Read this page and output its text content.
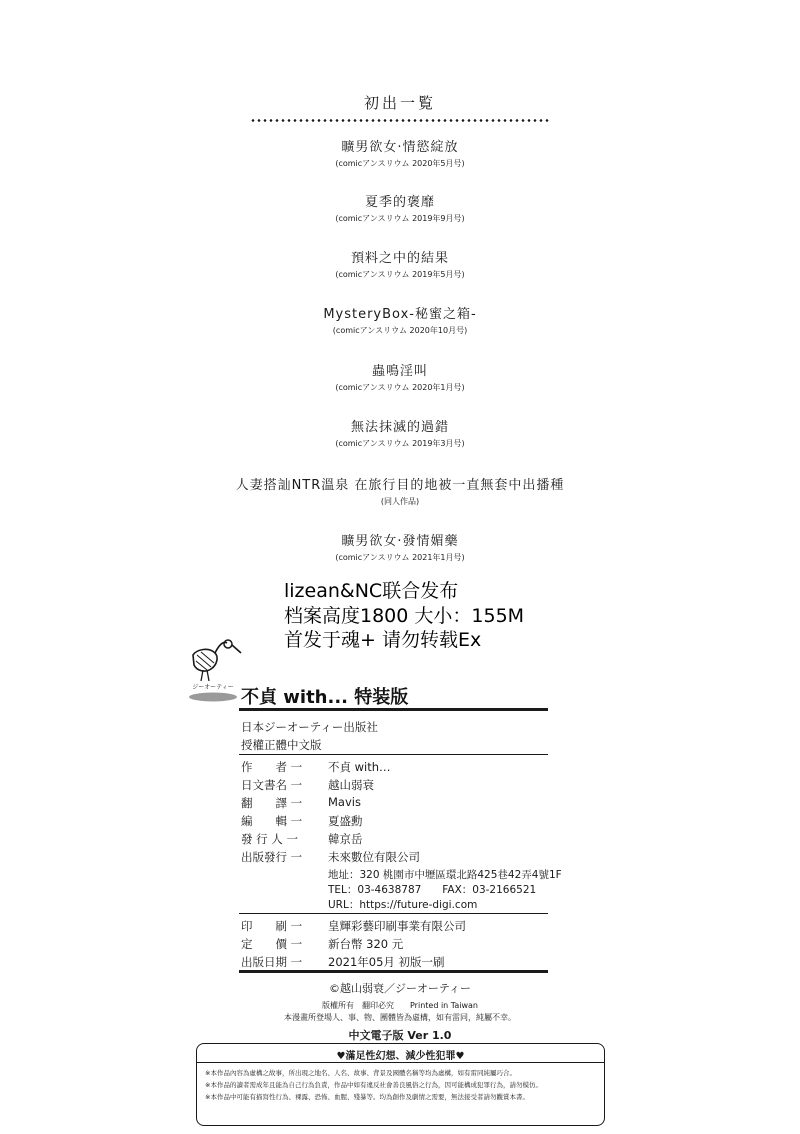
初出一覧
曠男欲女·情慾綻放
(comicアンスリウム 2020年5月号)
夏季的褒靡
(comicアンスリウム 2019年9月号)
預料之中的結果
(comicアンスリウム 2019年5月号)
MysteryBox-秘蜜之箱-
(comicアンスリウム 2020年10月号)
蟲鳴淫叫
(comicアンスリウム 2020年1月号)
無法抹滅的過錯
(comicアンスリウム 2019年3月号)
人妻搭訕NTR溫泉 在旅行目的地被一直無套中出播種
(同人作品)
曠男欲女·發情媚藥
(comicアンスリウム 2021年1月号)
lizean&NC联合发布
档案高度1800 大小：155M
首发于魂+ 请勿转载Ex
ジーオーティー 不貞 with... 特装版
日本ジーオーティー出版社
授權正體中文版
作　　者 一	不貞 with…
日文書名 一	越山弱衰
翻　　譯 一	Mavis
編　　輯 一	夏盛勳
發 行 人 一	韓京岳
出版發行 一	未來數位有限公司
地址：320 桃園市中壢區環北路425巷42弄4號1F
TEL：03-4638787　　FAX：03-2166521
URL：https://future-digi.com
印　　刷 一	皇輝彩藝印刷事業有限公司
定　　價 一	新台幣 320 元
出版日期 一	2021年05月 初版一刷
©越山弱衰／ジーオーティー
版權所有　翻印必究　　Printed in Taiwan
本漫畫所登場人、事、物、團體皆為虛構，如有雷同，純屬不幸。
中文電子版 Ver 1.0
♥滿足性幻想、減少性犯罪♥
※本作品內容為虛構之故事，所出現之地名、人名、故事、背景及國體名稱等均為虛構，如有雷同純屬巧合。
※本作品的讀者需成年且能為自己行為負責，作品中如有違反社會善良風俗之行為，因可能構成犯罪行為，請勿模仿。
※本作品中可能有描寫性行為、裸露、恐怖、血腥、殘暴等。均為創作及劇情之需要，無法接受者請勿觀賞本書。
